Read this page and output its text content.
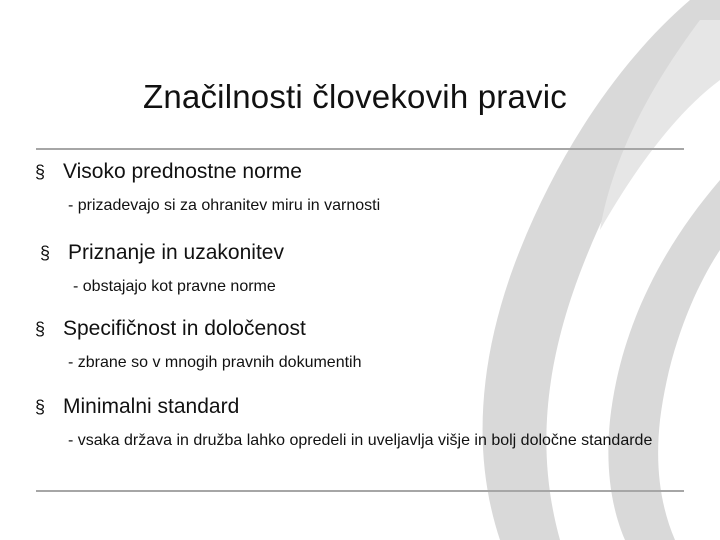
Značilnosti človekovih pravic
§ Visoko prednostne norme
- prizadevajo si za ohranitev miru in varnosti
§ Priznanje in uzakonitev
- obstajajo kot pravne norme
§ Specifičnost in določenost
- zbrane so v mnogih pravnih dokumentih
§ Minimalni standard
- vsaka država in družba lahko opredeli in uveljavlja višje in bolj določne standarde
